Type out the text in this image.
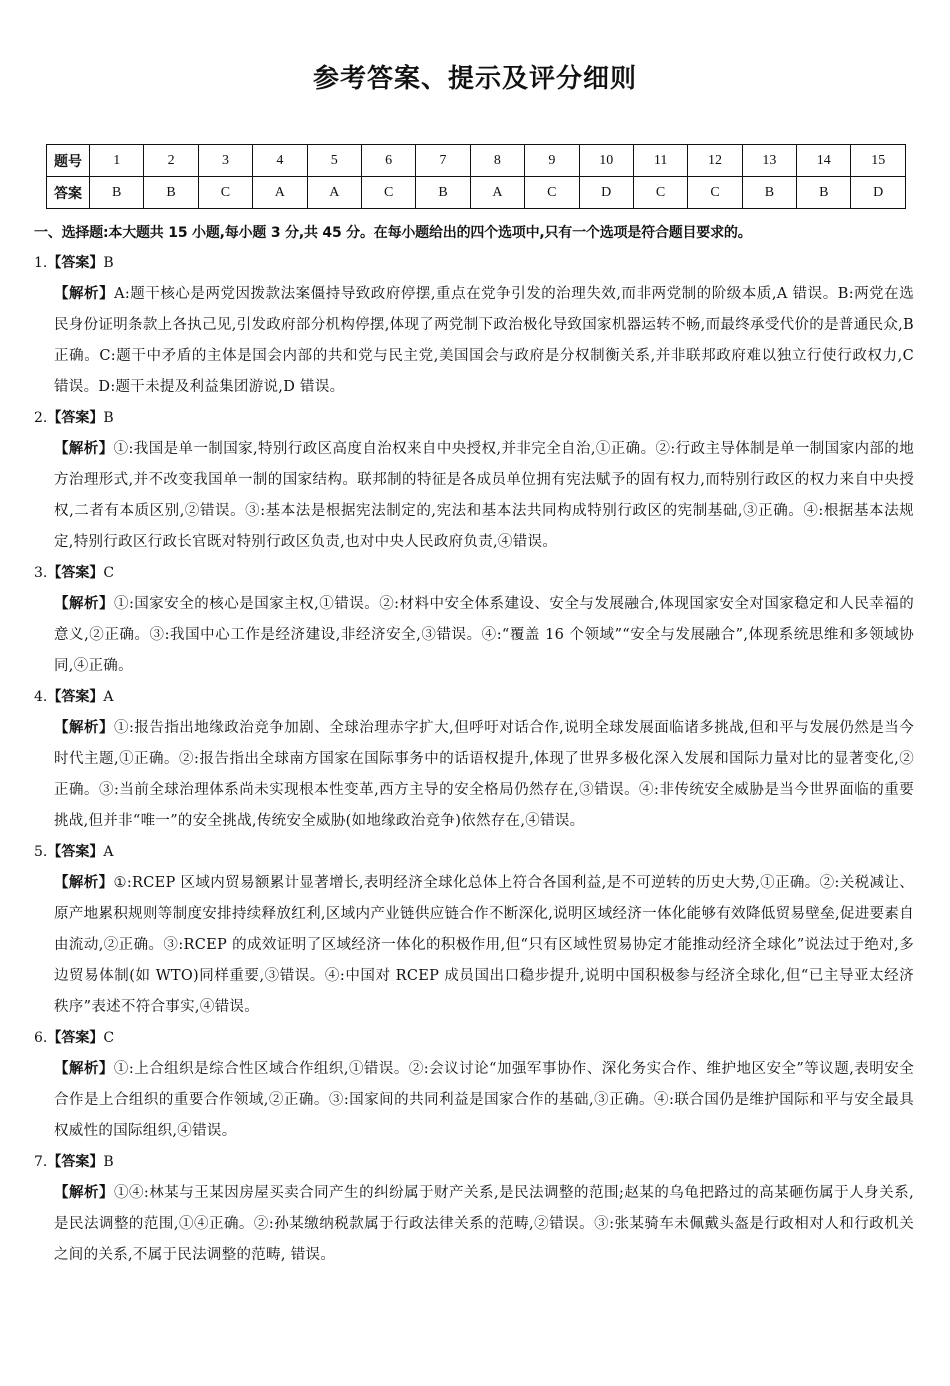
参考答案、提示及评分细则
题号	1	2	3	4	5	6	7	8	9	10	11	12	13	14	15
答案	B	B	C	A	A	C	B	A	C	D	C	C	B	B	D
一、选择题:本大题共 15 小题,每小题 3 分,共 45 分。在每小题给出的四个选项中,只有一个选项是符合题目要求的。
1.【答案】B
【解析】A:题干核心是两党因拨款法案僵持导致政府停摆,重点在党争引发的治理失效,而非两党制的阶级本质,A 错误。B:两党在选民身份证明条款上各执己见,引发政府部分机构停摆,体现了两党制下政治极化导致国家机器运转不畅,而最终承受代价的是普通民众,B 正确。C:题干中矛盾的主体是国会内部的共和党与民主党,美国国会与政府是分权制衡关系,并非联邦政府难以独立行使行政权力,C 错误。D:题干未提及利益集团游说,D 错误。
2.【答案】B
【解析】①:我国是单一制国家,特别行政区高度自治权来自中央授权,并非完全自治,①正确。②:行政主导体制是单一制国家内部的地方治理形式,并不改变我国单一制的国家结构。联邦制的特征是各成员单位拥有宪法赋予的固有权力,而特别行政区的权力来自中央授权,二者有本质区别,②错误。③:基本法是根据宪法制定的,宪法和基本法共同构成特别行政区的宪制基础,③正确。④:根据基本法规定,特别行政区行政长官既对特别行政区负责,也对中央人民政府负责,④错误。
3.【答案】C
【解析】①:国家安全的核心是国家主权,①错误。②:材料中安全体系建设、安全与发展融合,体现国家安全对国家稳定和人民幸福的意义,②正确。③:我国中心工作是经济建设,非经济安全,③错误。④:“覆盖 16 个领域”“安全与发展融合”,体现系统思维和多领域协同,④正确。
4.【答案】A
【解析】①:报告指出地缘政治竞争加剧、全球治理赤字扩大,但呼吁对话合作,说明全球发展面临诸多挑战,但和平与发展仍然是当今时代主题,①正确。②:报告指出全球南方国家在国际事务中的话语权提升,体现了世界多极化深入发展和国际力量对比的显著变化,②正确。③:当前全球治理体系尚未实现根本性变革,西方主导的安全格局仍然存在,③错误。④:非传统安全威胁是当今世界面临的重要挑战,但并非“唯一”的安全挑战,传统安全威胁(如地缘政治竞争)依然存在,④错误。
5.【答案】A
【解析】①:RCEP 区域内贸易额累计显著增长,表明经济全球化总体上符合各国利益,是不可逆转的历史大势,①正确。②:关税减让、原产地累积规则等制度安排持续释放红利,区域内产业链供应链合作不断深化,说明区域经济一体化能够有效降低贸易壁垒,促进要素自由流动,②正确。③:RCEP 的成效证明了区域经济一体化的积极作用,但“只有区域性贸易协定才能推动经济全球化”说法过于绝对,多边贸易体制(如 WTO)同样重要,③错误。④:中国对 RCEP 成员国出口稳步提升,说明中国积极参与经济全球化,但“已主导亚太经济秩序”表述不符合事实,④错误。
6.【答案】C
【解析】①:上合组织是综合性区域合作组织,①错误。②:会议讨论“加强军事协作、深化务实合作、维护地区安全”等议题,表明安全合作是上合组织的重要合作领域,②正确。③:国家间的共同利益是国家合作的基础,③正确。④:联合国仍是维护国际和平与安全最具权威性的国际组织,④错误。
7.【答案】B
【解析】①④:林某与王某因房屋买卖合同产生的纠纷属于财产关系,是民法调整的范围;赵某的乌龟把路过的高某砸伤属于人身关系,是民法调整的范围,①④正确。②:孙某缴纳税款属于行政法律关系的范畴,②错误。③:张某骑车未佩戴头盔是行政相对人和行政机关之间的关系,不属于民法调整的范畴, 错误。
